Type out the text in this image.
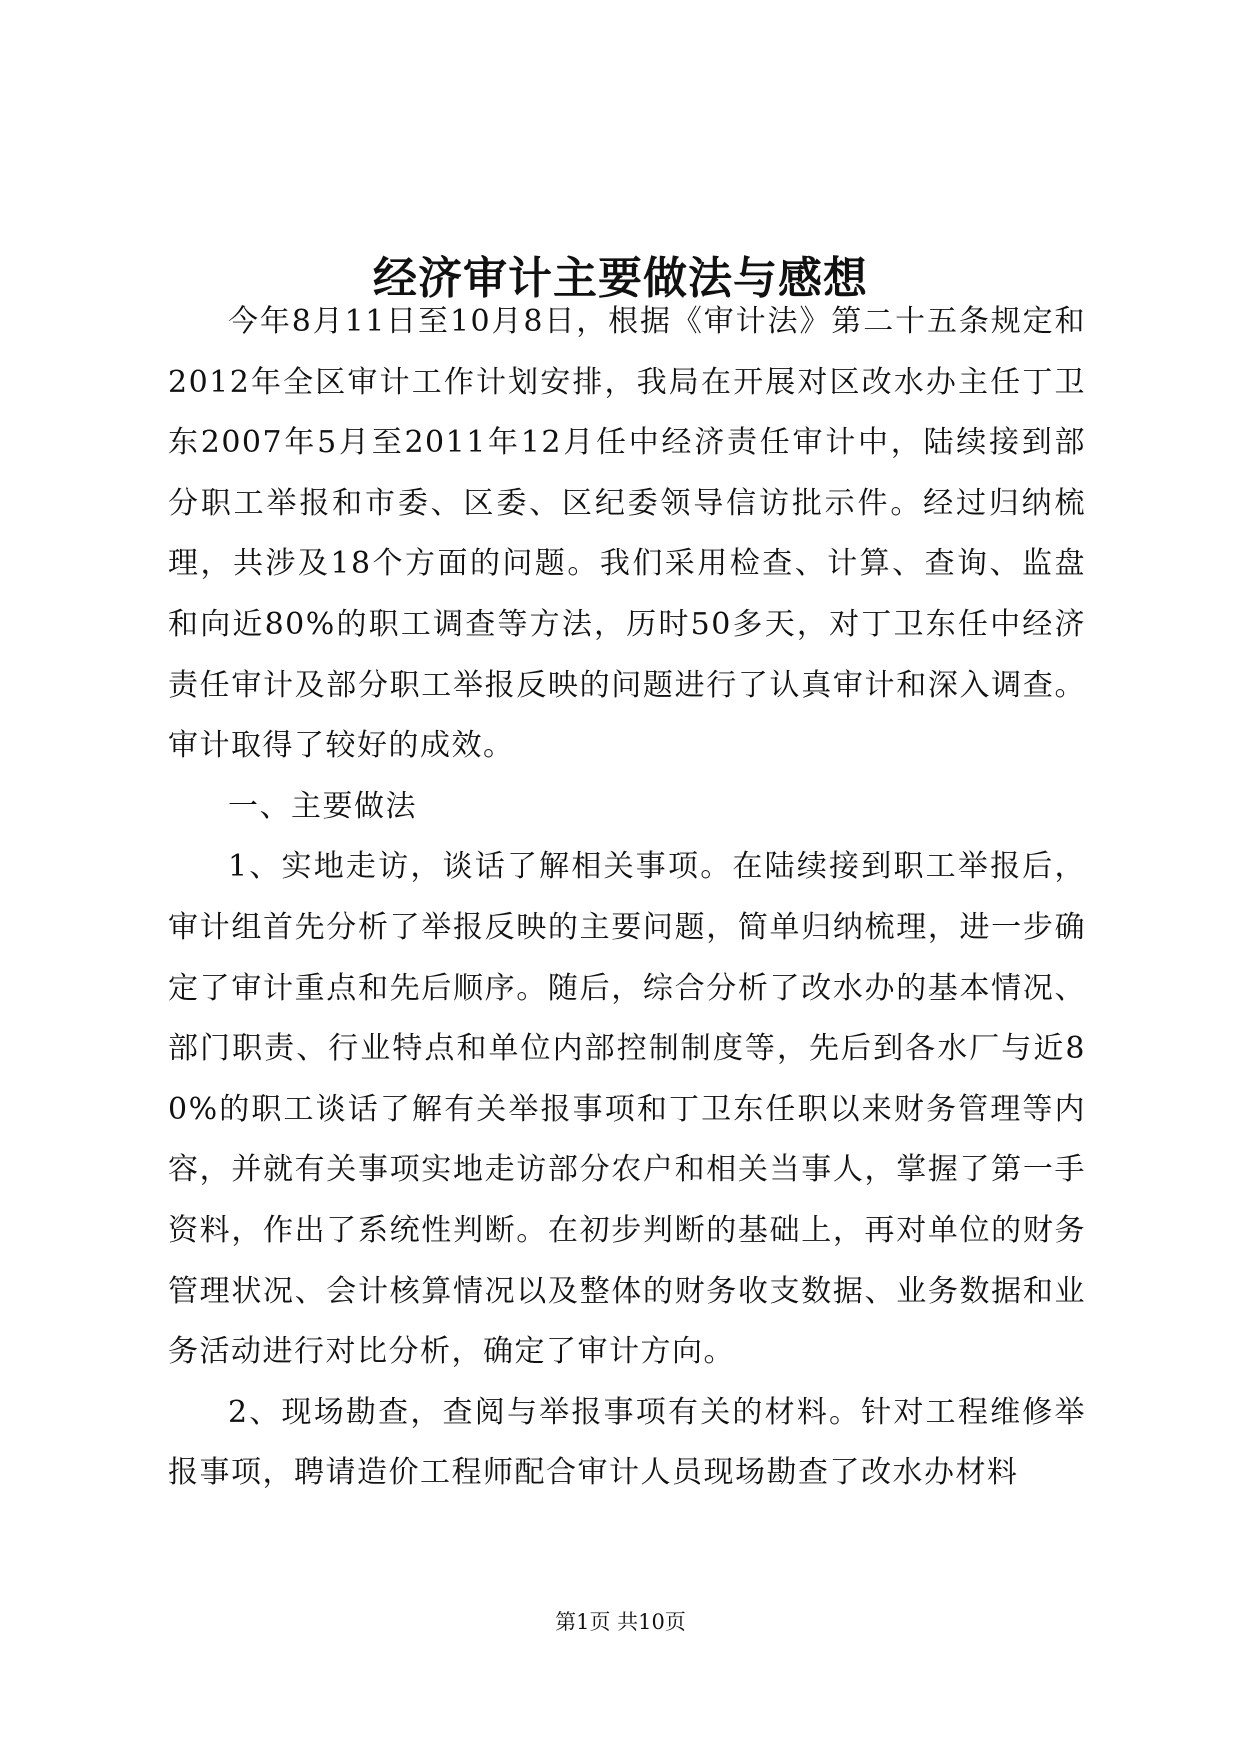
经济审计主要做法与感想

今年8月11日至10月8日，根据《审计法》第二十五条规定和2012年全区审计工作计划安排，我局在开展对区改水办主任丁卫东2007年5月至2011年12月任中经济责任审计中，陆续接到部分职工举报和市委、区委、区纪委领导信访批示件。经过归纳梳理，共涉及18个方面的问题。我们采用检查、计算、查询、监盘和向近80%的职工调查等方法，历时50多天，对丁卫东任中经济责任审计及部分职工举报反映的问题进行了认真审计和深入调查。审计取得了较好的成效。

一、主要做法

1、实地走访，谈话了解相关事项。在陆续接到职工举报后，审计组首先分析了举报反映的主要问题，简单归纳梳理，进一步确定了审计重点和先后顺序。随后，综合分析了改水办的基本情况、部门职责、行业特点和单位内部控制制度等，先后到各水厂与近80%的职工谈话了解有关举报事项和丁卫东任职以来财务管理等内容，并就有关事项实地走访部分农户和相关当事人，掌握了第一手资料，作出了系统性判断。在初步判断的基础上，再对单位的财务管理状况、会计核算情况以及整体的财务收支数据、业务数据和业务活动进行对比分析，确定了审计方向。

2、现场勘查，查阅与举报事项有关的材料。针对工程维修举报事项，聘请造价工程师配合审计人员现场勘查了改水办材料

第1页 共10页
